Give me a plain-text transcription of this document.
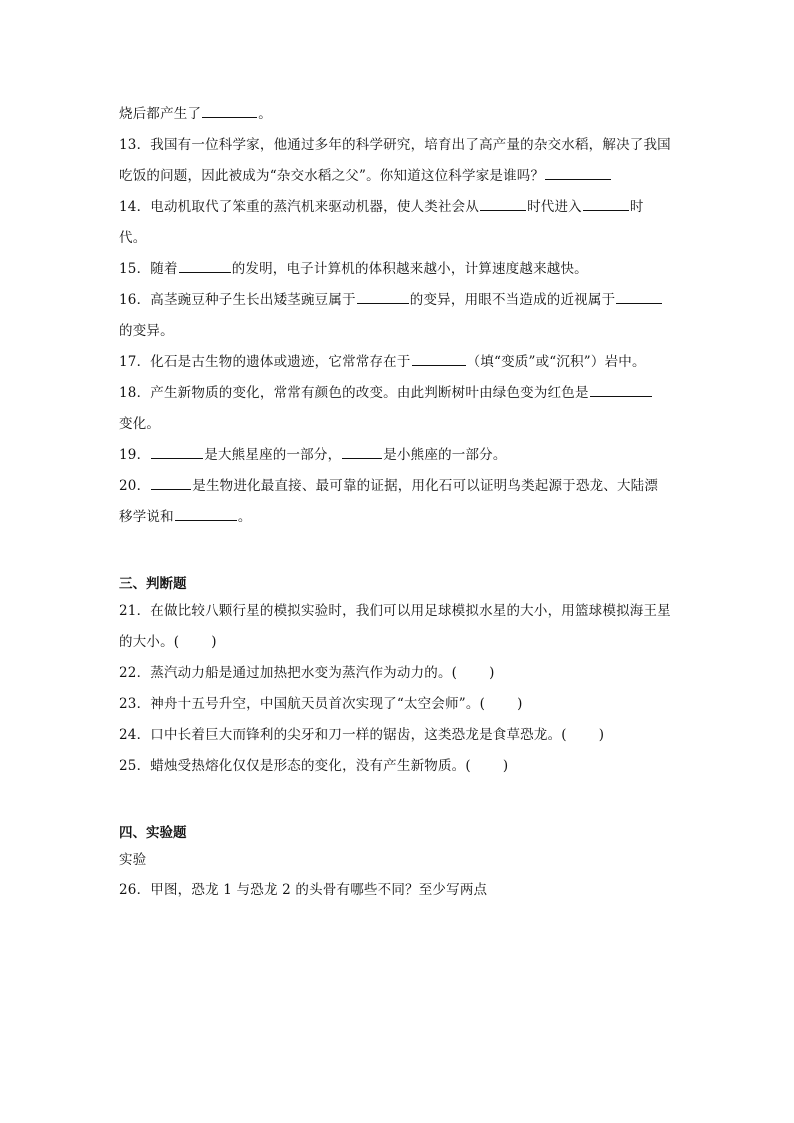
烧后都产生了	。
13．我国有一位科学家，他通过多年的科学研究，培育出了高产量的杂交水稻，解决了我国
吃饭的问题，因此被成为“杂交水稻之父”。你知道这位科学家是谁吗？
14．电动机取代了笨重的蒸汽机来驱动机器，使人类社会从	时代进入	时
代。
15．随着	的发明，电子计算机的体积越来越小，计算速度越来越快。
16．高茎豌豆种子生长出矮茎豌豆属于	的变异，用眼不当造成的近视属于
的变异。
17．化石是古生物的遗体或遗迹，它常常存在于	（填“变质”或“沉积”）岩中。
18．产生新物质的变化，常常有颜色的改变。由此判断树叶由绿色变为红色是
变化。
19．	是大熊星座的一部分，	是小熊座的一部分。
20．	是生物进化最直接、最可靠的证据，用化石可以证明鸟类起源于恐龙、大陆漂
移学说和	。
三、判断题
21．在做比较八颗行星的模拟实验时，我们可以用足球模拟水星的大小，用篮球模拟海王星
的大小。( )
22．蒸汽动力船是通过加热把水变为蒸汽作为动力的。( )
23．神舟十五号升空，中国航天员首次实现了“太空会师”。( )
24．口中长着巨大而锋利的尖牙和刀一样的锯齿，这类恐龙是食草恐龙。( )
25．蜡烛受热熔化仅仅是形态的变化，没有产生新物质。( )
四、实验题
实验
26．甲图，恐龙 1 与恐龙 2 的头骨有哪些不同？至少写两点
